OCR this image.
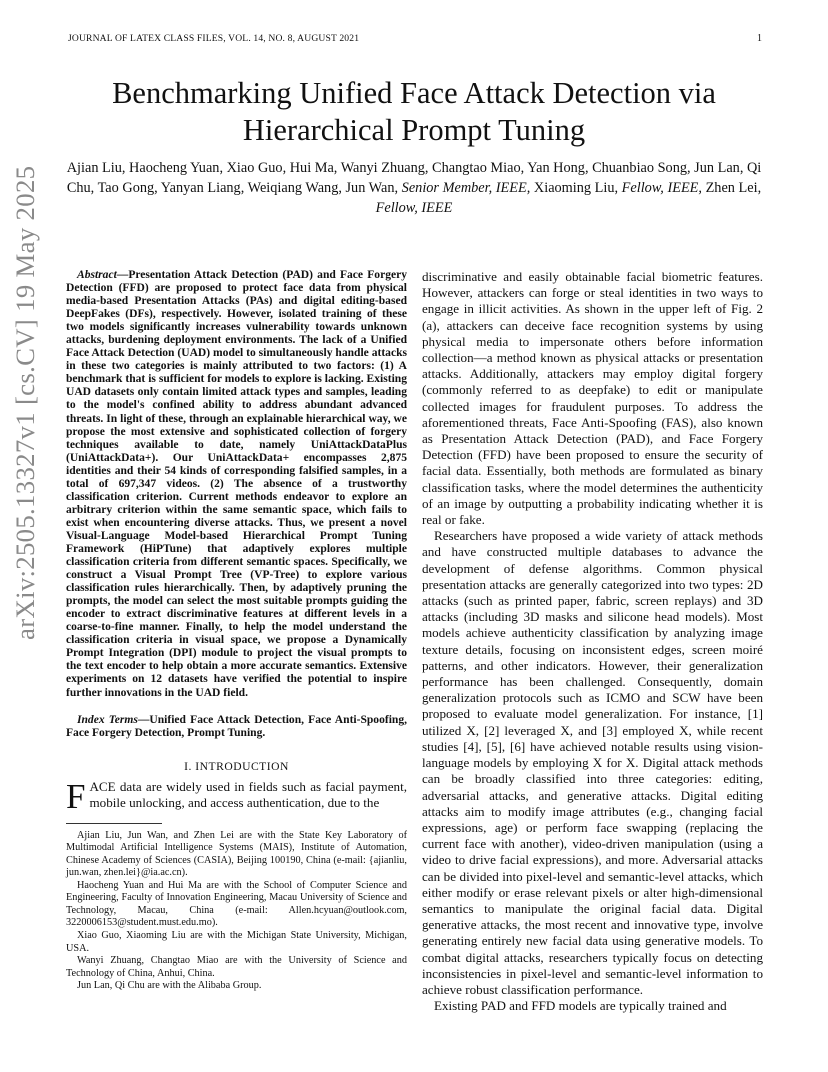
JOURNAL OF LATEX CLASS FILES, VOL. 14, NO. 8, AUGUST 2021	1
Benchmarking Unified Face Attack Detection via Hierarchical Prompt Tuning
Ajian Liu, Haocheng Yuan, Xiao Guo, Hui Ma, Wanyi Zhuang, Changtao Miao, Yan Hong, Chuanbiao Song, Jun Lan, Qi Chu, Tao Gong, Yanyan Liang, Weiqiang Wang, Jun Wan, Senior Member, IEEE, Xiaoming Liu, Fellow, IEEE, Zhen Lei, Fellow, IEEE
arXiv:2505.13327v1 [cs.CV] 19 May 2025	Abstract—Presentation Attack Detection (PAD) and Face Forgery Detection (FFD) are proposed to protect face data from physical media-based Presentation Attacks (PAs) and digital editing-based DeepFakes (DFs), respectively. However, isolated training of these two models significantly increases vulnerability towards unknown attacks, burdening deployment environments. The lack of a Unified Face Attack Detection (UAD) model to simultaneously handle attacks in these two categories is mainly attributed to two factors: (1) A benchmark that is sufficient for models to explore is lacking. Existing UAD datasets only contain limited attack types and samples, leading to the model's confined ability to address abundant advanced threats. In light of these, through an explainable hierarchical way, we propose the most extensive and sophisticated collection of forgery techniques available to date, namely UniAttackDataPlus (UniAttackData+). Our UniAttackData+ encompasses 2,875 identities and their 54 kinds of corresponding falsified samples, in a total of 697,347 videos. (2) The absence of a trustworthy classification criterion. Current methods endeavor to explore an arbitrary criterion within the same semantic space, which fails to exist when encountering diverse attacks. Thus, we present a novel Visual-Language Model-based Hierarchical Prompt Tuning Framework (HiPTune) that adaptively explores multiple classification criteria from different semantic spaces. Specifically, we construct a Visual Prompt Tree (VP-Tree) to explore various classification rules hierarchically. Then, by adaptively pruning the prompts, the model can select the most suitable prompts guiding the encoder to extract discriminative features at different levels in a coarse-to-fine manner. Finally, to help the model understand the classification criteria in visual space, we propose a Dynamically Prompt Integration (DPI) module to project the visual prompts to the text encoder to help obtain a more accurate semantics. Extensive experiments on 12 datasets have verified the potential to inspire further innovations in the UAD field.

Index Terms—Unified Face Attack Detection, Face Anti-Spoofing, Face Forgery Detection, Prompt Tuning.

I. INTRODUCTION

FACE data are widely used in fields such as facial payment, mobile unlocking, and access authentication, due to the

Ajian Liu, Jun Wan, and Zhen Lei are with the State Key Laboratory of Multimodal Artificial Intelligence Systems (MAIS), Institute of Automation, Chinese Academy of Sciences (CASIA), Beijing 100190, China (e-mail: {ajianliu, jun.wan, zhen.lei}@ia.ac.cn).

Haocheng Yuan and Hui Ma are with the School of Computer Science and Engineering, Faculty of Innovation Engineering, Macau University of Science and Technology, Macau, China (e-mail: Allen.hcyuan@outlook.com, 3220006153@student.must.edu.mo).

Xiao Guo, Xiaoming Liu are with the Michigan State University, Michigan, USA.

Wanyi Zhuang, Changtao Miao are with the University of Science and Technology of China, Anhui, China.

Jun Lan, Qi Chu are with the Alibaba Group.

discriminative and easily obtainable facial biometric features. However, attackers can forge or steal identities in two ways to engage in illicit activities. As shown in the upper left of Fig. 2 (a), attackers can deceive face recognition systems by using physical media to impersonate others before information collection—a method known as physical attacks or presentation attacks. Additionally, attackers may employ digital forgery (commonly referred to as deepfake) to edit or manipulate collected images for fraudulent purposes. To address the aforementioned threats, Face Anti-Spoofing (FAS), also known as Presentation Attack Detection (PAD), and Face Forgery Detection (FFD) have been proposed to ensure the security of facial data. Essentially, both methods are formulated as binary classification tasks, where the model determines the authenticity of an image by outputting a probability indicating whether it is real or fake.

Researchers have proposed a wide variety of attack methods and have constructed multiple databases to advance the development of defense algorithms. Common physical presentation attacks are generally categorized into two types: 2D attacks (such as printed paper, fabric, screen replays) and 3D attacks (including 3D masks and silicone head models). Most models achieve authenticity classification by analyzing image texture details, focusing on inconsistent edges, screen moiré patterns, and other indicators. However, their generalization performance has been challenged. Consequently, domain generalization protocols such as ICMO and SCW have been proposed to evaluate model generalization. For instance, [1] utilized X, [2] leveraged X, and [3] employed X, while recent studies [4], [5], [6] have achieved notable results using vision-language models by employing X for X. Digital attack methods can be broadly classified into three categories: editing, adversarial attacks, and generative attacks. Digital editing attacks aim to modify image attributes (e.g., changing facial expressions, age) or perform face swapping (replacing the current face with another), video-driven manipulation (using a video to drive facial expressions), and more. Adversarial attacks can be divided into pixel-level and semantic-level attacks, which either modify or erase relevant pixels or alter high-dimensional semantics to manipulate the original facial data. Digital generative attacks, the most recent and innovative type, involve generating entirely new facial data using generative models. To combat digital attacks, researchers typically focus on detecting inconsistencies in pixel-level and semantic-level information to achieve robust classification performance.

Existing PAD and FFD models are typically trained and
